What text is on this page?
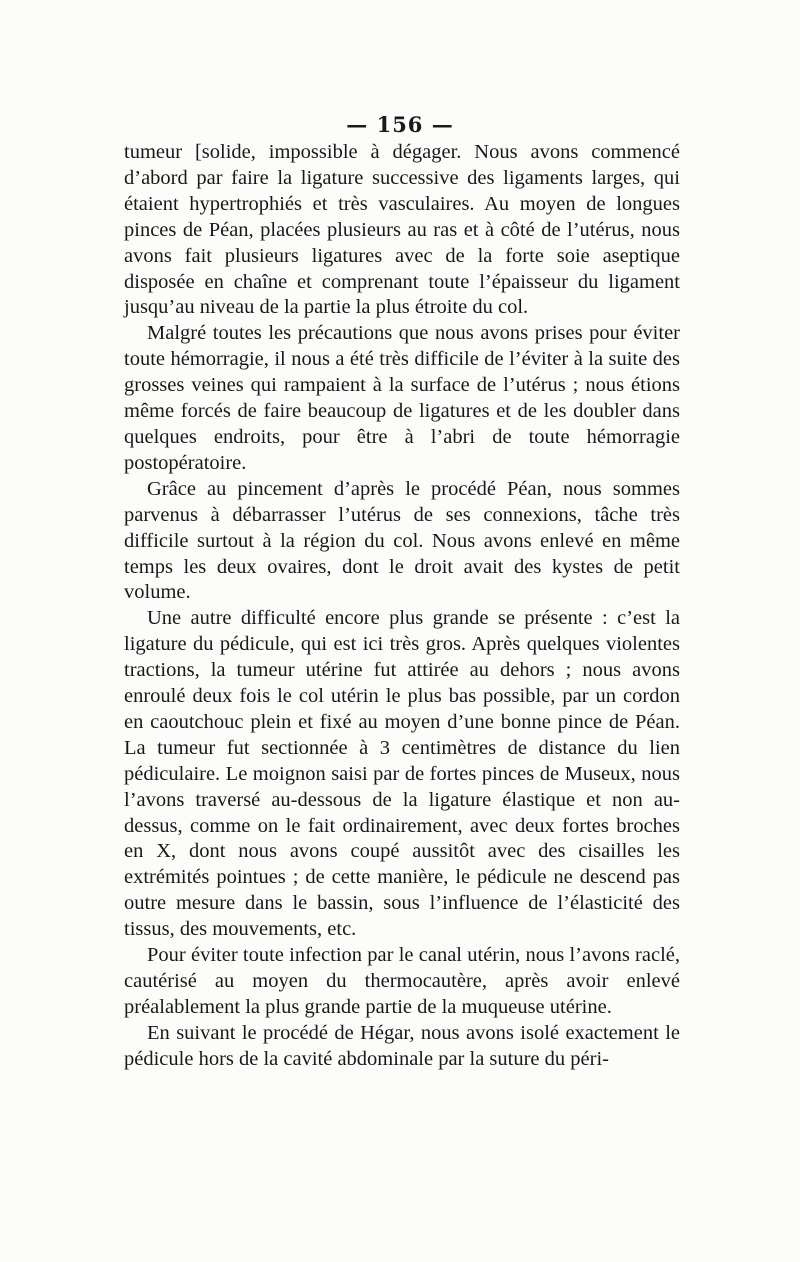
— 156 —

tumeur [solide, impossible à dégager. Nous avons commencé d’abord par faire la ligature successive des ligaments larges, qui étaient hypertrophiés et très vasculaires. Au moyen de longues pinces de Péan, placées plusieurs au ras et à côté de l’utérus, nous avons fait plusieurs ligatures avec de la forte soie aseptique disposée en chaîne et comprenant toute l’épaisseur du ligament jusqu’au niveau de la partie la plus étroite du col.

Malgré toutes les précautions que nous avons prises pour éviter toute hémorragie, il nous a été très difficile de l’éviter à la suite des grosses veines qui rampaient à la surface de l’utérus ; nous étions même forcés de faire beaucoup de ligatures et de les doubler dans quelques endroits, pour être à l’abri de toute hémorragie postopératoire.

Grâce au pincement d’après le procédé Péan, nous sommes parvenus à débarrasser l’utérus de ses connexions, tâche très difficile surtout à la région du col. Nous avons enlevé en même temps les deux ovaires, dont le droit avait des kystes de petit volume.

Une autre difficulté encore plus grande se présente : c’est la ligature du pédicule, qui est ici très gros. Après quelques violentes tractions, la tumeur utérine fut attirée au dehors ; nous avons enroulé deux fois le col utérin le plus bas possible, par un cordon en caoutchouc plein et fixé au moyen d’une bonne pince de Péan. La tumeur fut sectionnée à 3 centimètres de distance du lien pédiculaire. Le moignon saisi par de fortes pinces de Museux, nous l’avons traversé au-dessous de la ligature élastique et non au-dessus, comme on le fait ordinairement, avec deux fortes broches en X, dont nous avons coupé aussitôt avec des cisailles les extrémités pointues ; de cette manière, le pédicule ne descend pas outre mesure dans le bassin, sous l’influence de l’élasticité des tissus, des mouvements, etc.

Pour éviter toute infection par le canal utérin, nous l’avons raclé, cautérisé au moyen du thermocautère, après avoir enlevé préalablement la plus grande partie de la muqueuse utérine.

En suivant le procédé de Hégar, nous avons isolé exactement le pédicule hors de la cavité abdominale par la suture du péri-
